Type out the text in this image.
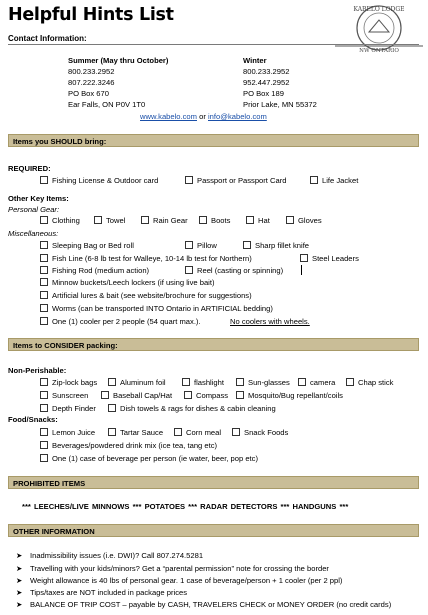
Helpful Hints List	KABELO LODGE
NW ONTARIO
Contact Information:
Summer (May thru October)
800.233.2952
807.222.3246
PO Box 670
Ear Falls, ON P0V 1T0
Winter
800.233.2952
952.447.2952
PO Box 189
Prior Lake, MN 55372
www.kabelo.com or info@kabelo.com
Items you SHOULD bring:
REQUIRED:
Fishing License & Outdoor card	Passport or Passport Card	Life Jacket
Other Key Items:
Personal Gear:
Clothing	Towel	Rain Gear	Boots	Hat	Gloves
Miscellaneous:
Sleeping Bag or Bed roll	Pillow	Sharp fillet knife
Fish Line (6-8 lb test for Walleye, 10-14 lb test for Northern)	Steel Leaders
Fishing Rod (medium action)	Reel (casting or spinning)
Minnow buckets/Leech lockers (if using live bait)
Artificial lures & bait (see website/brochure for suggestions)
Worms (can be transported INTO Ontario in ARTIFICIAL bedding)
One (1) cooler per 2 people (54 quart max.).	No coolers with wheels.
Items to CONSIDER packing:
Non-Perishable:
Zip-lock bags	Aluminum foil	flashlight	Sun-glasses	camera	Chap stick
Sunscreen	Baseball Cap/Hat	Compass	Mosquito/Bug repellant/coils
Depth Finder	Dish towels & rags for dishes & cabin cleaning
Food/Snacks:
Lemon Juice	Tartar Sauce	Corn meal	Snack Foods
Beverages/powdered drink mix (ice tea, tang etc)
One (1) case of beverage per person (ie water, beer, pop etc)
PROHIBITED ITEMS
*** LEECHES/LIVE MINNOWS *** POTATOES *** RADAR DETECTORS *** HANDGUNS ***
OTHER INFORMATION
➤ Inadmissibility issues (i.e. DWI)? Call 807.274.5281
➤ Travelling with your kids/minors? Get a “parental permission” note for crossing the border
➤ Weight allowance is 40 lbs of personal gear. 1 case of beverage/person + 1 cooler (per 2 ppl)
➤ Tips/taxes are NOT included in package prices
➤ BALANCE OF TRIP COST – payable by CASH, TRAVELERS CHECK or MONEY ORDER (no credit cards)
